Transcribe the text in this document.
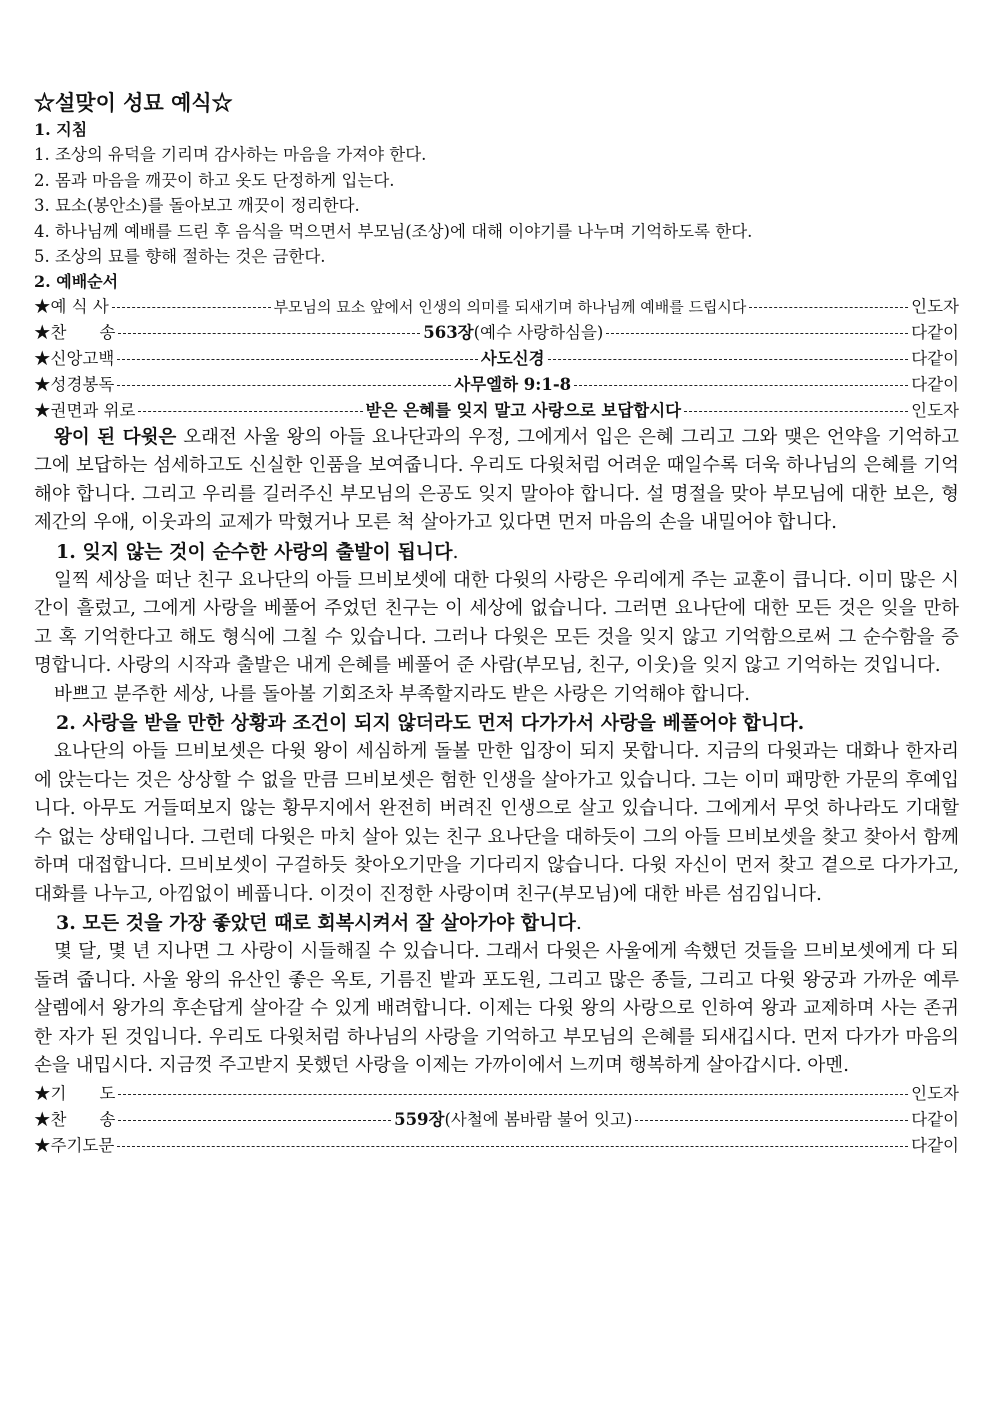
☆설맞이 성묘 예식☆

1. 지침

1. 조상의 유덕을 기리며 감사하는 마음을 가져야 한다.

2. 몸과 마음을 깨끗이 하고 옷도 단정하게 입는다.

3. 묘소(봉안소)를 돌아보고 깨끗이 정리한다.

4. 하나님께 예배를 드린 후 음식을 먹으면서 부모님(조상)에 대해 이야기를 나누며 기억하도록 한다.

5. 조상의 묘를 향해 절하는 것은 금한다.

2. 예배순서

★예 식 사	부모님의 묘소 앞에서 인생의 의미를 되새기며 하나님께 예배를 드립시다	인도자
★찬　　송	563장(예수 사랑하심을)	다같이
★신앙고백	사도신경	다같이
★성경봉독	사무엘하 9:1-8	다같이
★권면과 위로	받은 은혜를 잊지 말고 사랑으로 보답합시다	인도자

왕이 된 다윗은 오래전 사울 왕의 아들 요나단과의 우정, 그에게서 입은 은혜 그리고 그와 맺은 언약을 기억하고 그에 보답하는 섬세하고도 신실한 인품을 보여줍니다. 우리도 다윗처럼 어려운 때일수록 더욱 하나님의 은혜를 기억해야 합니다. 그리고 우리를 길러주신 부모님의 은공도 잊지 말아야 합니다. 설 명절을 맞아 부모님에 대한 보은, 형제간의 우애, 이웃과의 교제가 막혔거나 모른 척 살아가고 있다면 먼저 마음의 손을 내밀어야 합니다.

1. 잊지 않는 것이 순수한 사랑의 출발이 됩니다.

일찍 세상을 떠난 친구 요나단의 아들 므비보셋에 대한 다윗의 사랑은 우리에게 주는 교훈이 큽니다. 이미 많은 시간이 흘렀고, 그에게 사랑을 베풀어 주었던 친구는 이 세상에 없습니다. 그러면 요나단에 대한 모든 것은 잊을 만하고 혹 기억한다고 해도 형식에 그칠 수 있습니다. 그러나 다윗은 모든 것을 잊지 않고 기억함으로써 그 순수함을 증명합니다. 사랑의 시작과 출발은 내게 은혜를 베풀어 준 사람(부모님, 친구, 이웃)을 잊지 않고 기억하는 것입니다.

바쁘고 분주한 세상, 나를 돌아볼 기회조차 부족할지라도 받은 사랑은 기억해야 합니다.

2. 사랑을 받을 만한 상황과 조건이 되지 않더라도 먼저 다가가서 사랑을 베풀어야 합니다.

요나단의 아들 므비보셋은 다윗 왕이 세심하게 돌볼 만한 입장이 되지 못합니다. 지금의 다윗과는 대화나 한자리에 앉는다는 것은 상상할 수 없을 만큼 므비보셋은 험한 인생을 살아가고 있습니다. 그는 이미 패망한 가문의 후예입니다. 아무도 거들떠보지 않는 황무지에서 완전히 버려진 인생으로 살고 있습니다. 그에게서 무엇 하나라도 기대할 수 없는 상태입니다. 그런데 다윗은 마치 살아 있는 친구 요나단을 대하듯이 그의 아들 므비보셋을 찾고 찾아서 함께하며 대접합니다. 므비보셋이 구걸하듯 찾아오기만을 기다리지 않습니다. 다윗 자신이 먼저 찾고 곁으로 다가가고, 대화를 나누고, 아낌없이 베풉니다. 이것이 진정한 사랑이며 친구(부모님)에 대한 바른 섬김입니다.

3. 모든 것을 가장 좋았던 때로 회복시켜서 잘 살아가야 합니다.

몇 달, 몇 년 지나면 그 사랑이 시들해질 수 있습니다. 그래서 다윗은 사울에게 속했던 것들을 므비보셋에게 다 되돌려 줍니다. 사울 왕의 유산인 좋은 옥토, 기름진 밭과 포도원, 그리고 많은 종들, 그리고 다윗 왕궁과 가까운 예루살렘에서 왕가의 후손답게 살아갈 수 있게 배려합니다. 이제는 다윗 왕의 사랑으로 인하여 왕과 교제하며 사는 존귀한 자가 된 것입니다. 우리도 다윗처럼 하나님의 사랑을 기억하고 부모님의 은혜를 되새깁시다. 먼저 다가가 마음의 손을 내밉시다. 지금껏 주고받지 못했던 사랑을 이제는 가까이에서 느끼며 행복하게 살아갑시다. 아멘.

★기　　도	인도자
★찬　　송	559장(사철에 봄바람 불어 잇고)	다같이
★주기도문	다같이
